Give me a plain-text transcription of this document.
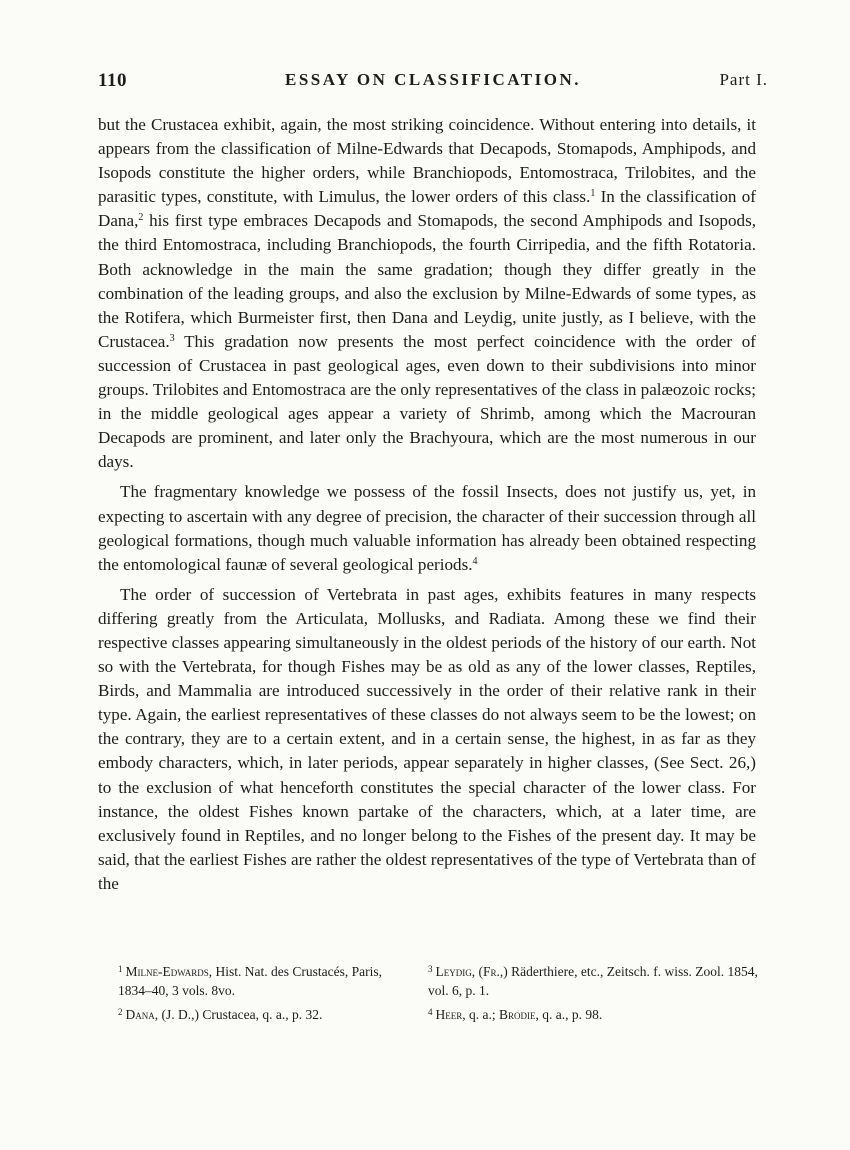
110	ESSAY ON CLASSIFICATION.	Part I.

but the Crustacea exhibit, again, the most striking coincidence. Without entering into details, it appears from the classification of Milne-Edwards that Decapods, Stomapods, Amphipods, and Isopods constitute the higher orders, while Branchiopods, Entomostraca, Trilobites, and the parasitic types, constitute, with Limulus, the lower orders of this class.$^1$ In the classification of Dana,$^2$ his first type embraces Decapods and Stomapods, the second Amphipods and Isopods, the third Entomostraca, including Branchiopods, the fourth Cirripedia, and the fifth Rotatoria. Both acknowledge in the main the same gradation; though they differ greatly in the combination of the leading groups, and also the exclusion by Milne-Edwards of some types, as the Rotifera, which Burmeister first, then Dana and Leydig, unite justly, as I believe, with the Crustacea.$^3$ This gradation now presents the most perfect coincidence with the order of succession of Crustacea in past geological ages, even down to their subdivisions into minor groups. Trilobites and Entomostraca are the only representatives of the class in palæozoic rocks; in the middle geological ages appear a variety of Shrimb, among which the Macrouran Decapods are prominent, and later only the Brachyoura, which are the most numerous in our days.

The fragmentary knowledge we possess of the fossil Insects, does not justify us, yet, in expecting to ascertain with any degree of precision, the character of their succession through all geological formations, though much valuable information has already been obtained respecting the entomological faunæ of several geological periods.$^4$

The order of succession of Vertebrata in past ages, exhibits features in many respects differing greatly from the Articulata, Mollusks, and Radiata. Among these we find their respective classes appearing simultaneously in the oldest periods of the history of our earth. Not so with the Vertebrata, for though Fishes may be as old as any of the lower classes, Reptiles, Birds, and Mammalia are introduced successively in the order of their relative rank in their type. Again, the earliest representatives of these classes do not always seem to be the lowest; on the contrary, they are to a certain extent, and in a certain sense, the highest, in as far as they embody characters, which, in later periods, appear separately in higher classes, (See Sect. 26,) to the exclusion of what henceforth constitutes the special character of the lower class. For instance, the oldest Fishes known partake of the characters, which, at a later time, are exclusively found in Reptiles, and no longer belong to the Fishes of the present day. It may be said, that the earliest Fishes are rather the oldest representatives of the type of Vertebrata than of the

$^1$ Milne-Edwards, Hist. Nat. des Crustacés, Paris, 1834–40, 3 vols. 8vo.

$^2$ Dana, (J. D.,) Crustacea, q. a., p. 32.

$^3$ Leydig, (Fr.,) Räderthiere, etc., Zeitsch. f. wiss. Zool. 1854, vol. 6, p. 1.

$^4$ Heer, q. a.; Brodie, q. a., p. 98.
